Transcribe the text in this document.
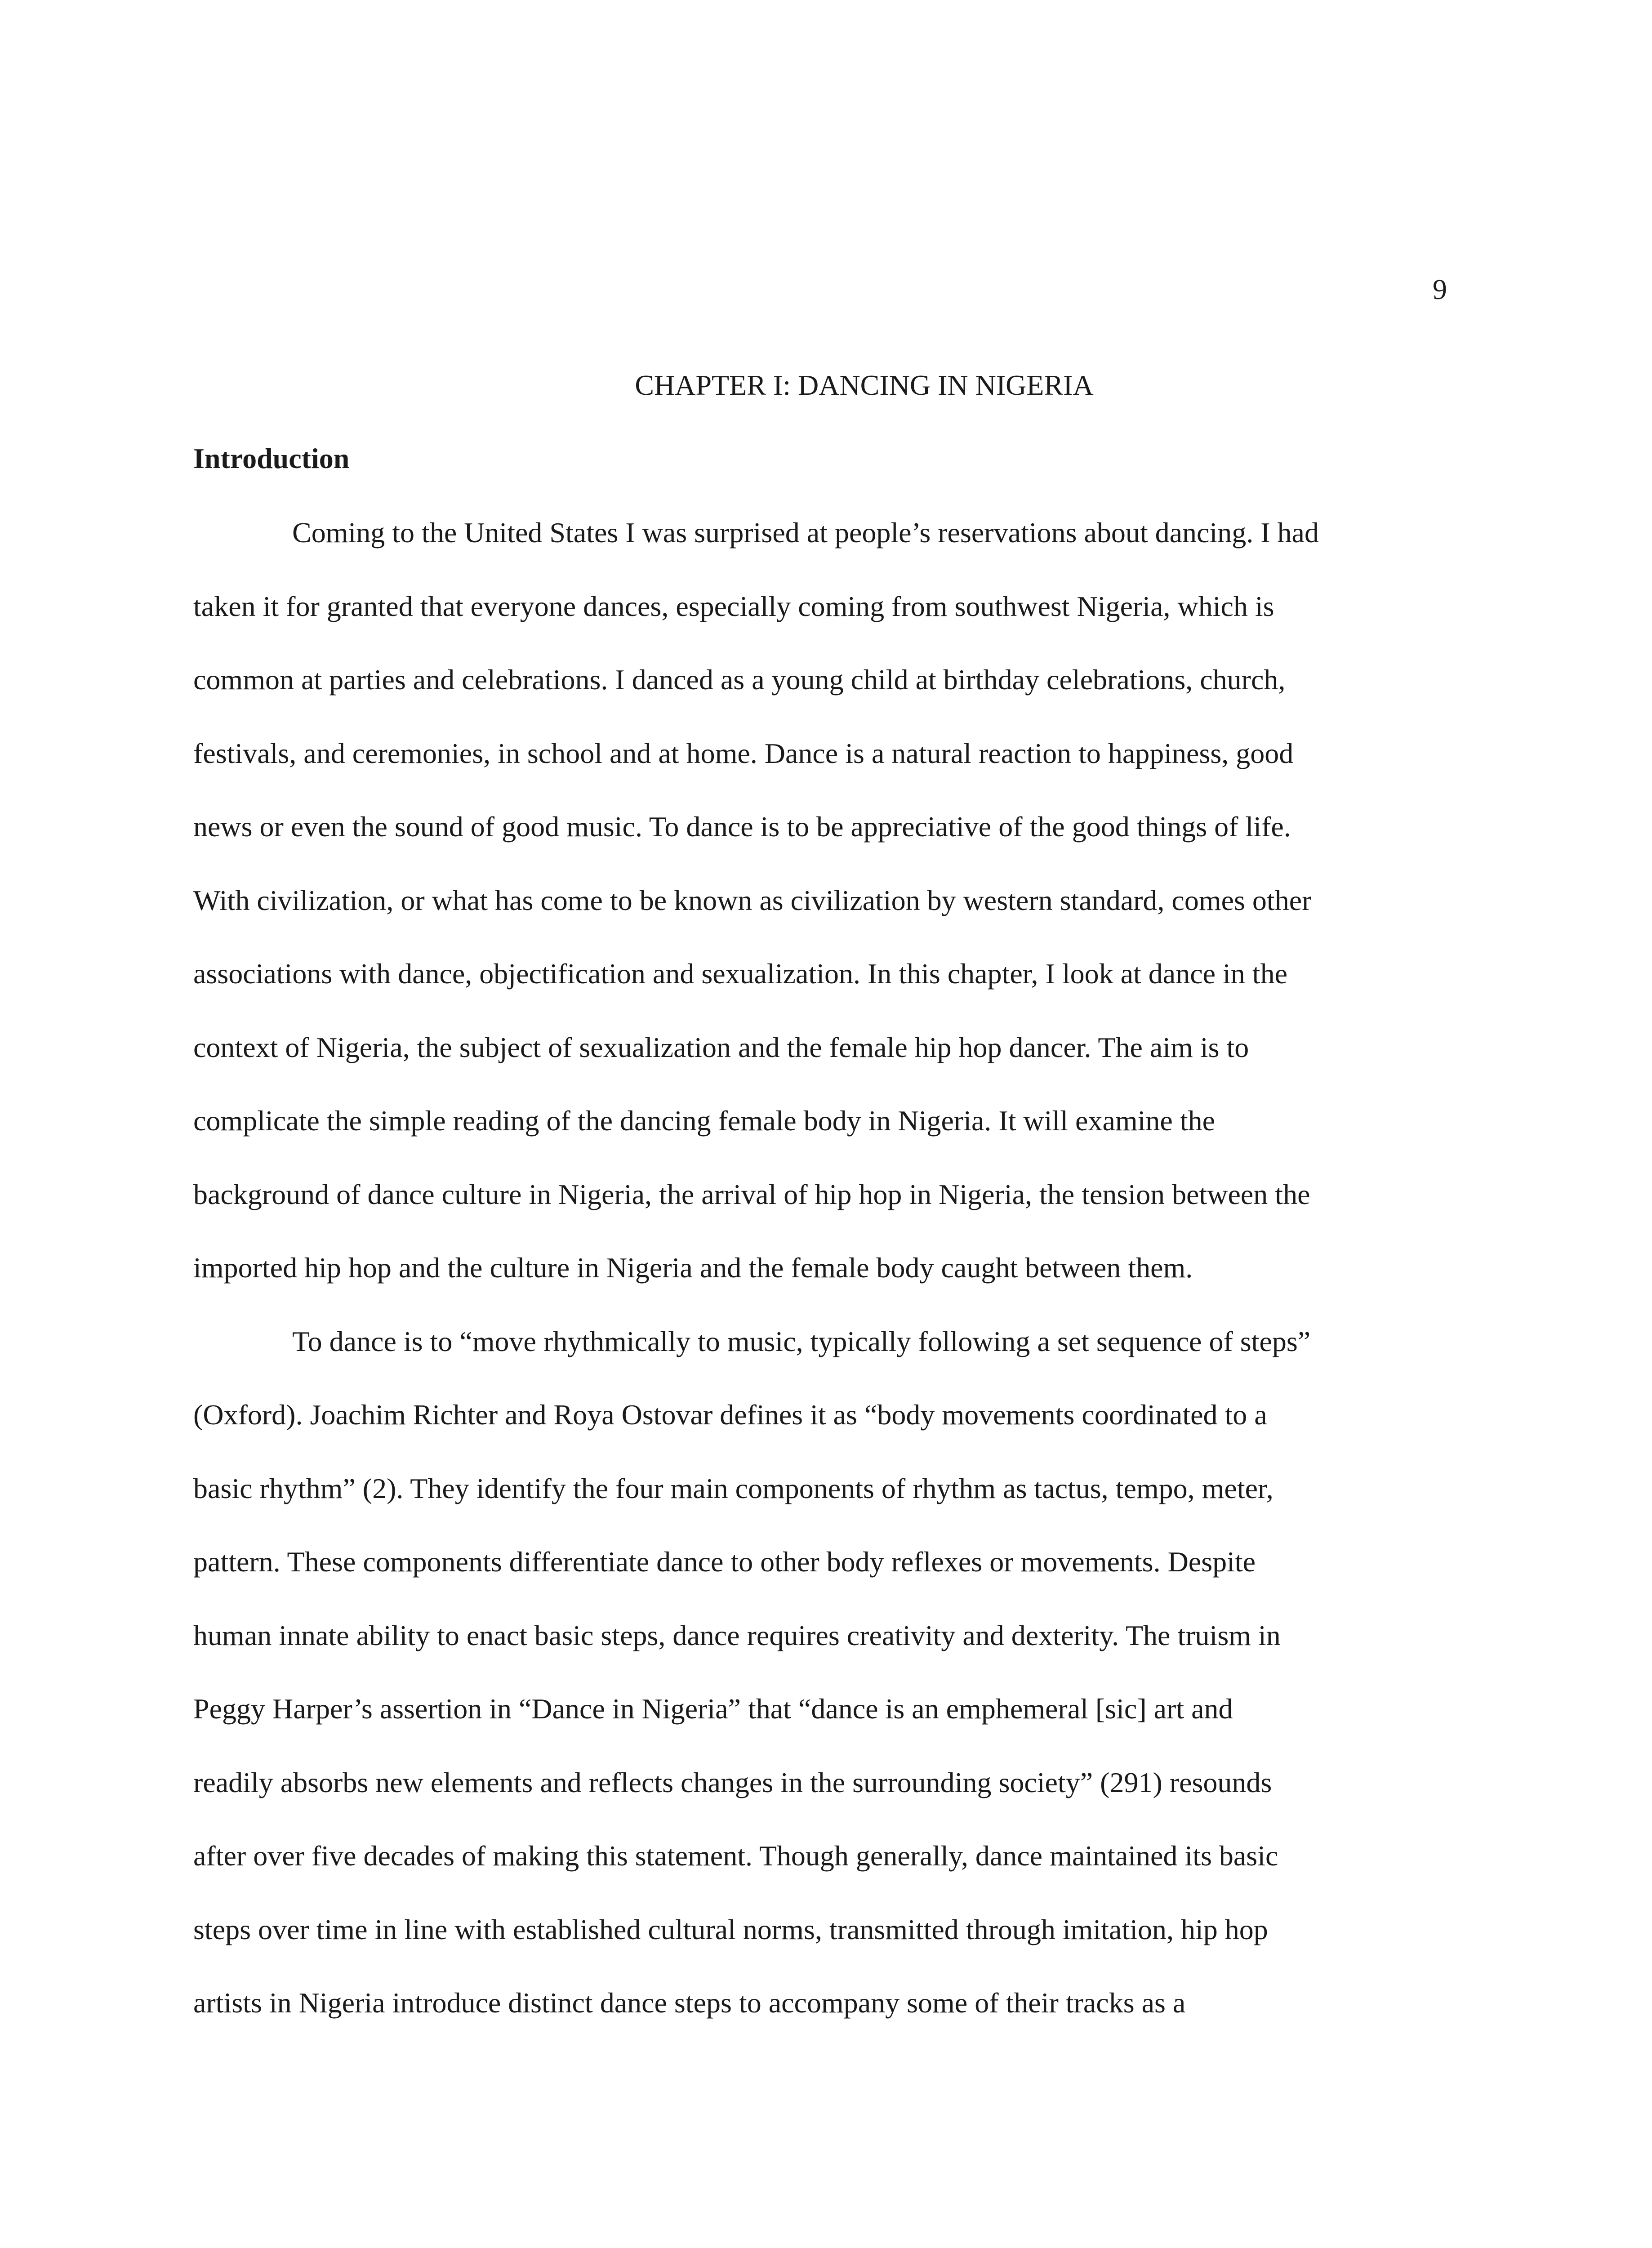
9
CHAPTER I: DANCING IN NIGERIA
Introduction
Coming to the United States I was surprised at people’s reservations about dancing. I had
taken it for granted that everyone dances, especially coming from southwest Nigeria, which is
common at parties and celebrations. I danced as a young child at birthday celebrations, church,
festivals, and ceremonies, in school and at home. Dance is a natural reaction to happiness, good
news or even the sound of good music. To dance is to be appreciative of the good things of life.
With civilization, or what has come to be known as civilization by western standard, comes other
associations with dance, objectification and sexualization. In this chapter, I look at dance in the
context of Nigeria, the subject of sexualization and the female hip hop dancer. The aim is to
complicate the simple reading of the dancing female body in Nigeria. It will examine the
background of dance culture in Nigeria, the arrival of hip hop in Nigeria, the tension between the
imported hip hop and the culture in Nigeria and the female body caught between them.
To dance is to “move rhythmically to music, typically following a set sequence of steps”
(Oxford). Joachim Richter and Roya Ostovar defines it as “body movements coordinated to a
basic rhythm” (2). They identify the four main components of rhythm as tactus, tempo, meter,
pattern. These components differentiate dance to other body reflexes or movements. Despite
human innate ability to enact basic steps, dance requires creativity and dexterity. The truism in
Peggy Harper’s assertion in “Dance in Nigeria” that “dance is an emphemeral [sic] art and
readily absorbs new elements and reflects changes in the surrounding society” (291) resounds
after over five decades of making this statement. Though generally, dance maintained its basic
steps over time in line with established cultural norms, transmitted through imitation, hip hop
artists in Nigeria introduce distinct dance steps to accompany some of their tracks as a
